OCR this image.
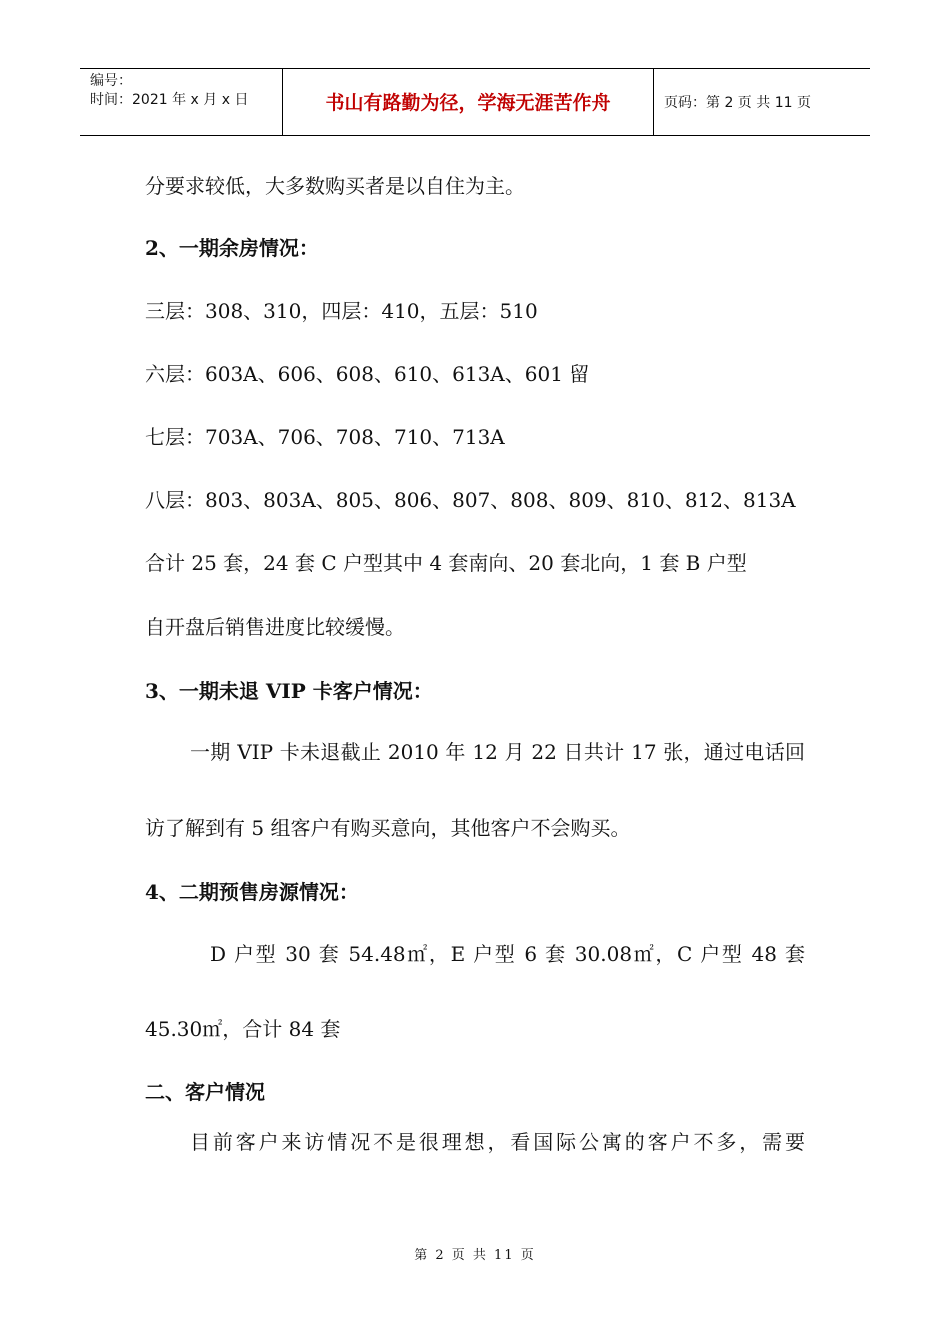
编号：
时间：2021 年 x 月 x 日	书山有路勤为径，学海无涯苦作舟	页码：第 2 页 共 11 页
分要求较低，大多数购买者是以自住为主。
2、一期余房情况：
三层：308、310，四层：410，五层：510
六层：603A、606、608、610、613A、601 留
七层：703A、706、708、710、713A
八层：803、803A、805、806、807、808、809、810、812、813A
合计 25 套，24 套 C 户型其中 4 套南向、20 套北向，1 套 B 户型
自开盘后销售进度比较缓慢。
3、一期未退 VIP 卡客户情况：
一期 VIP 卡未退截止 2010 年 12 月 22 日共计 17 张，通过电话回
访了解到有 5 组客户有购买意向，其他客户不会购买。
4、二期预售房源情况：
D 户型 30 套 54.48㎡，E 户型 6 套 30.08㎡，C 户型 48 套
45.30㎡，合计 84 套
二、客户情况
目前客户来访情况不是很理想，看国际公寓的客户不多，需要
第 2 页 共 11 页
